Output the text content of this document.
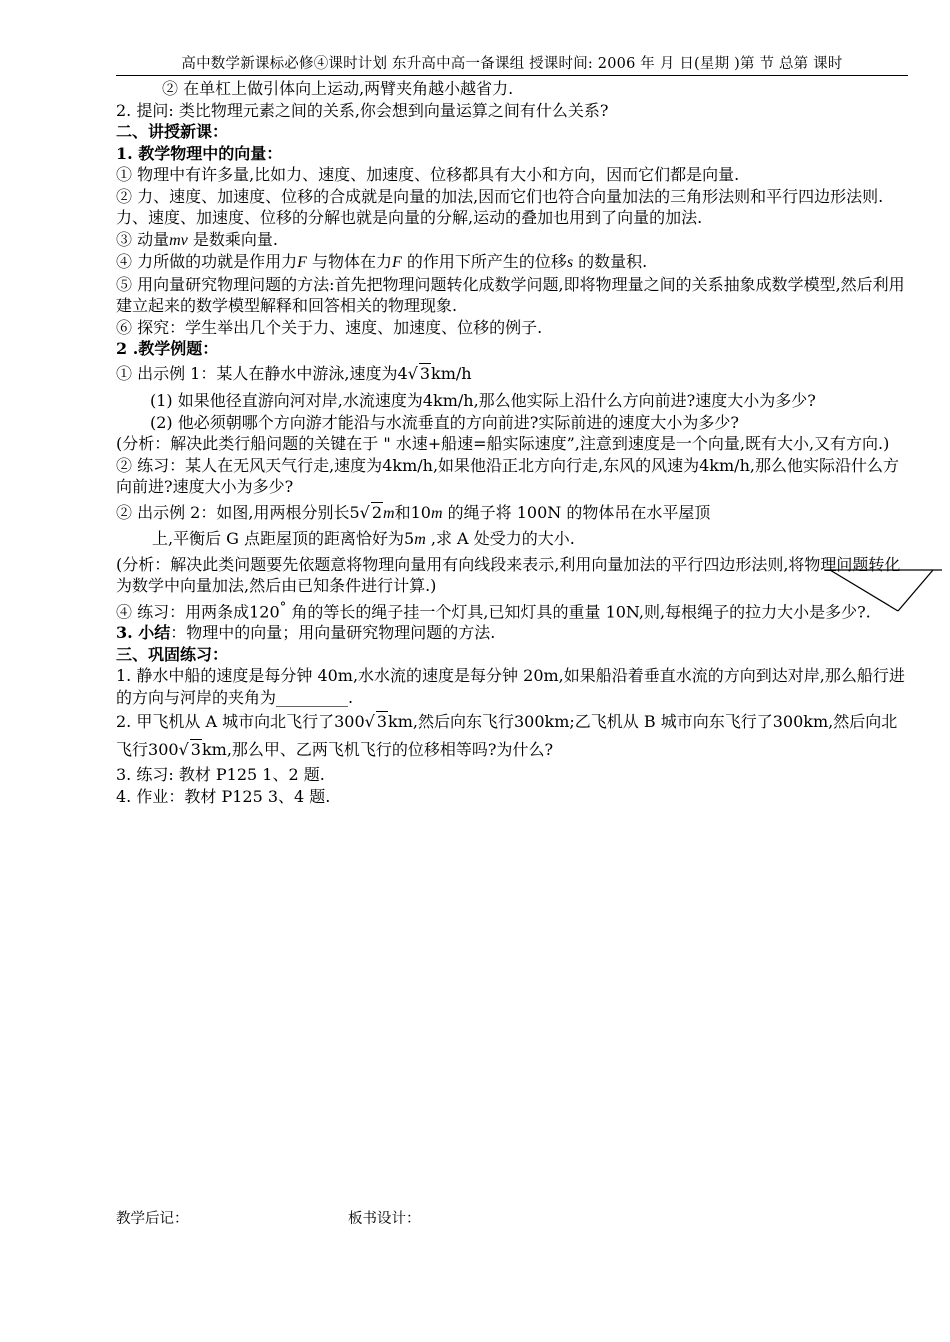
高中数学新课标必修④课时计划 东升高中高一备课组 授课时间: 2006 年 月 日(星期 )第 节 总第 课时

② 在单杠上做引体向上运动,两臂夹角越小越省力.

2. 提问: 类比物理元素之间的关系,你会想到向量运算之间有什么关系?

二、讲授新课：

1. 教学物理中的向量：

① 物理中有许多量,比如力、速度、加速度、位移都具有大小和方向，因而它们都是向量.

② 力、速度、加速度、位移的合成就是向量的加法,因而它们也符合向量加法的三角形法则和平行四边形法则. 力、速度、加速度、位移的分解也就是向量的分解,运动的叠加也用到了向量的加法.

③ 动量mv 是数乘向量.

④ 力所做的功就是作用力F 与物体在力F 的作用下所产生的位移s 的数量积.

⑤ 用向量研究物理问题的方法:首先把物理问题转化成数学问题,即将物理量之间的关系抽象成数学模型,然后利用建立起来的数学模型解释和回答相关的物理现象.

⑥ 探究：学生举出几个关于力、速度、加速度、位移的例子.

2 .教学例题：

① 出示例 1：某人在静水中游泳,速度为4√ 3km/h

(1) 如果他径直游向河对岸,水流速度为4km/h,那么他实际上沿什么方向前进?速度大小为多少?

(2) 他必须朝哪个方向游才能沿与水流垂直的方向前进?实际前进的速度大小为多少?

(分析：解决此类行船问题的关键在于 " 水速+船速=船实际速度”,注意到速度是一个向量,既有大小,又有方向.)

② 练习：某人在无风天气行走,速度为4km/h,如果他沿正北方向行走,东风的风速为4km/h,那么他实际沿什么方向前进?速度大小为多少?

② 出示例 2：如图,用两根分别长5√ 2m和10m 的绳子将 100N 的物体吊在水平屋顶

上,平衡后 G 点距屋顶的距离恰好为5m ,求 A 处受力的大小.

(分析：解决此类问题要先依题意将物理向量用有向线段来表示,利用向量加法的平行四边形法则,将物理问题转化为数学中向量加法,然后由已知条件进行计算.)

④ 练习：用两条成120° 角的等长的绳子挂一个灯具,已知灯具的重量 10N,则,每根绳子的拉力大小是多少?.

3. 小结：物理中的向量；用向量研究物理问题的方法.

三、巩固练习：

1. 静水中船的速度是每分钟 40m,水水流的速度是每分钟 20m,如果船沿着垂直水流的方向到达对岸,那么船行进的方向与河岸的夹角为_________.

2. 甲飞机从 A 城市向北飞行了300√ 3km,然后向东飞行300km;乙飞机从 B 城市向东飞行了300km,然后向北飞行300√ 3km,那么甲、乙两飞机飞行的位移相等吗?为什么?

3. 练习: 教材 P125 1、2 题.

4. 作业：教材 P125 3、4 题.

教学后记：	板书设计：
